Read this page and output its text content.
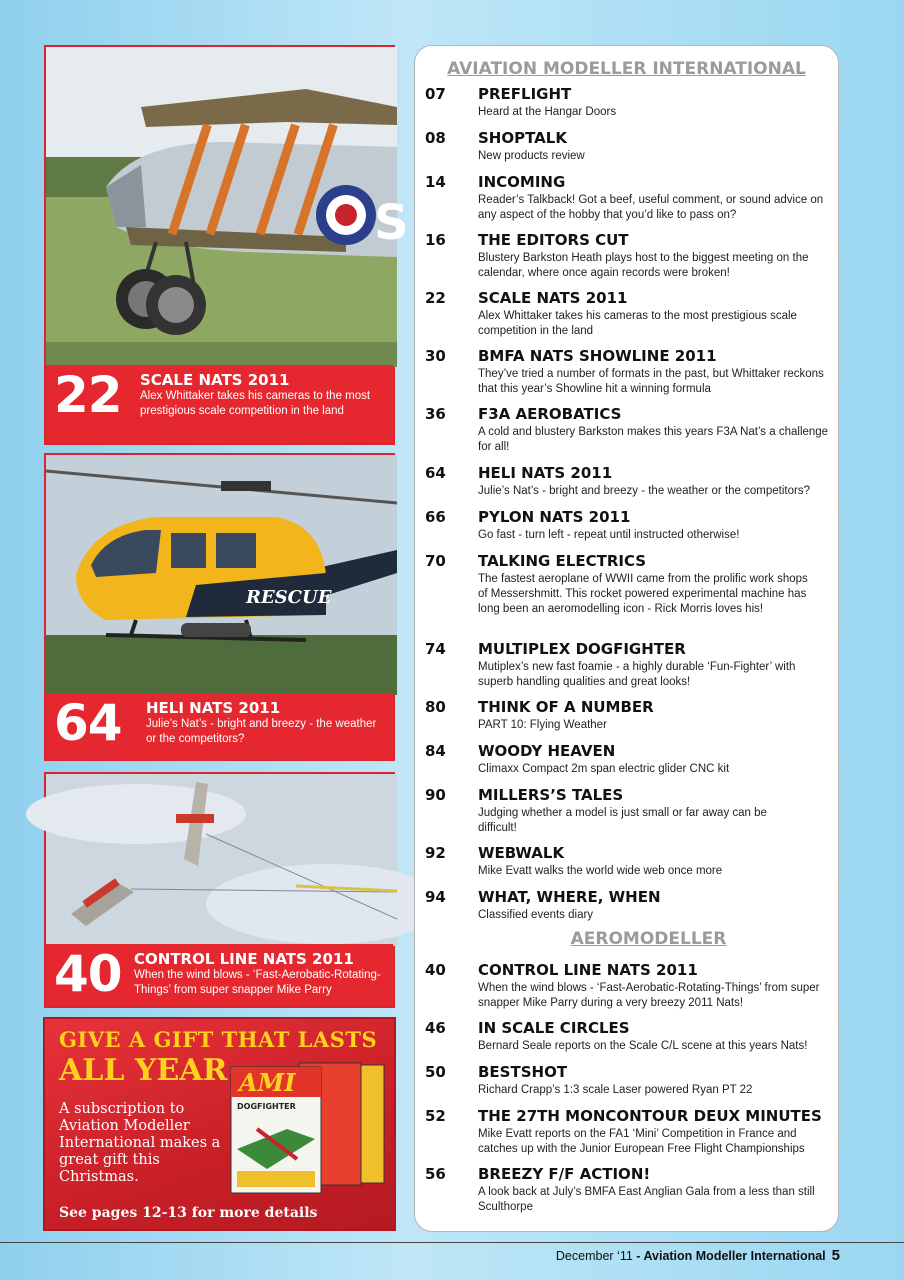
S
22 SCALE NATS 2011
Alex Whittaker takes his cameras to the most prestigious scale competition in the land
RESCUE
64 HELI NATS 2011
Julie’s Nat’s - bright and breezy - the weather or the competitors?
40 CONTROL LINE NATS 2011
When the wind blows - ‘Fast-Aerobatic-Rotating-Things’ from super snapper Mike Parry
GIVE A GIFT THAT LASTS
ALL YEAR
A subscription to Aviation Modeller International makes a great gift this Christmas.
AMI
DOGFIGHTER
See pages 12-13 for more details
AVIATION MODELLER INTERNATIONAL
07 PREFLIGHT
Heard at the Hangar Doors
08 SHOPTALK
New products review
14 INCOMING
Reader’s Talkback! Got a beef, useful comment, or sound advice on any aspect of the hobby that you’d like to pass on?
16 THE EDITORS CUT
Blustery Barkston Heath plays host to the biggest meeting on the calendar, where once again records were broken!
22 SCALE NATS 2011
Alex Whittaker takes his cameras to the most prestigious scale competition in the land
30 BMFA NATS SHOWLINE 2011
They’ve tried a number of formats in the past, but Whittaker reckons that this year’s Showline hit a winning formula
36 F3A AEROBATICS
A cold and blustery Barkston makes this years F3A Nat’s a challenge for all!
64 HELI NATS 2011
Julie’s Nat’s - bright and breezy - the weather or the competitors?
66 PYLON NATS 2011
Go fast - turn left - repeat until instructed otherwise!
70 TALKING ELECTRICS
The fastest aeroplane of WWII came from the prolific work shops of Messershmitt. This rocket powered experimental machine has long been an aeromodelling icon - Rick Morris loves his!
74 MULTIPLEX DOGFIGHTER
Mutiplex’s new fast foamie - a highly durable ‘Fun-Fighter’ with superb handling qualities and great looks!
80 THINK OF A NUMBER
PART 10: Flying Weather
84 WOODY HEAVEN
Climaxx Compact 2m span electric glider CNC kit
90 MILLERS’S TALES
Judging whether a model is just small or far away can be difficult!
92 WEBWALK
Mike Evatt walks the world wide web once more
94 WHAT, WHERE, WHEN
Classified events diary
AEROMODELLER
40 CONTROL LINE NATS 2011
When the wind blows - ‘Fast-Aerobatic-Rotating-Things’ from super snapper Mike Parry during a very breezy 2011 Nats!
46 IN SCALE CIRCLES
Bernard Seale reports on the Scale C/L scene at this years Nats!
50 BESTSHOT
Richard Crapp’s 1:3 scale Laser powered Ryan PT 22
52 THE 27TH MONCONTOUR DEUX MINUTES
Mike Evatt reports on the FA1 ‘Mini’ Competition in France and catches up with the Junior European Free Flight Championships
56 BREEZY F/F ACTION!
A look back at July’s BMFA East Anglian Gala from a less than still Sculthorpe
December ‘11 - Aviation Modeller International 5
